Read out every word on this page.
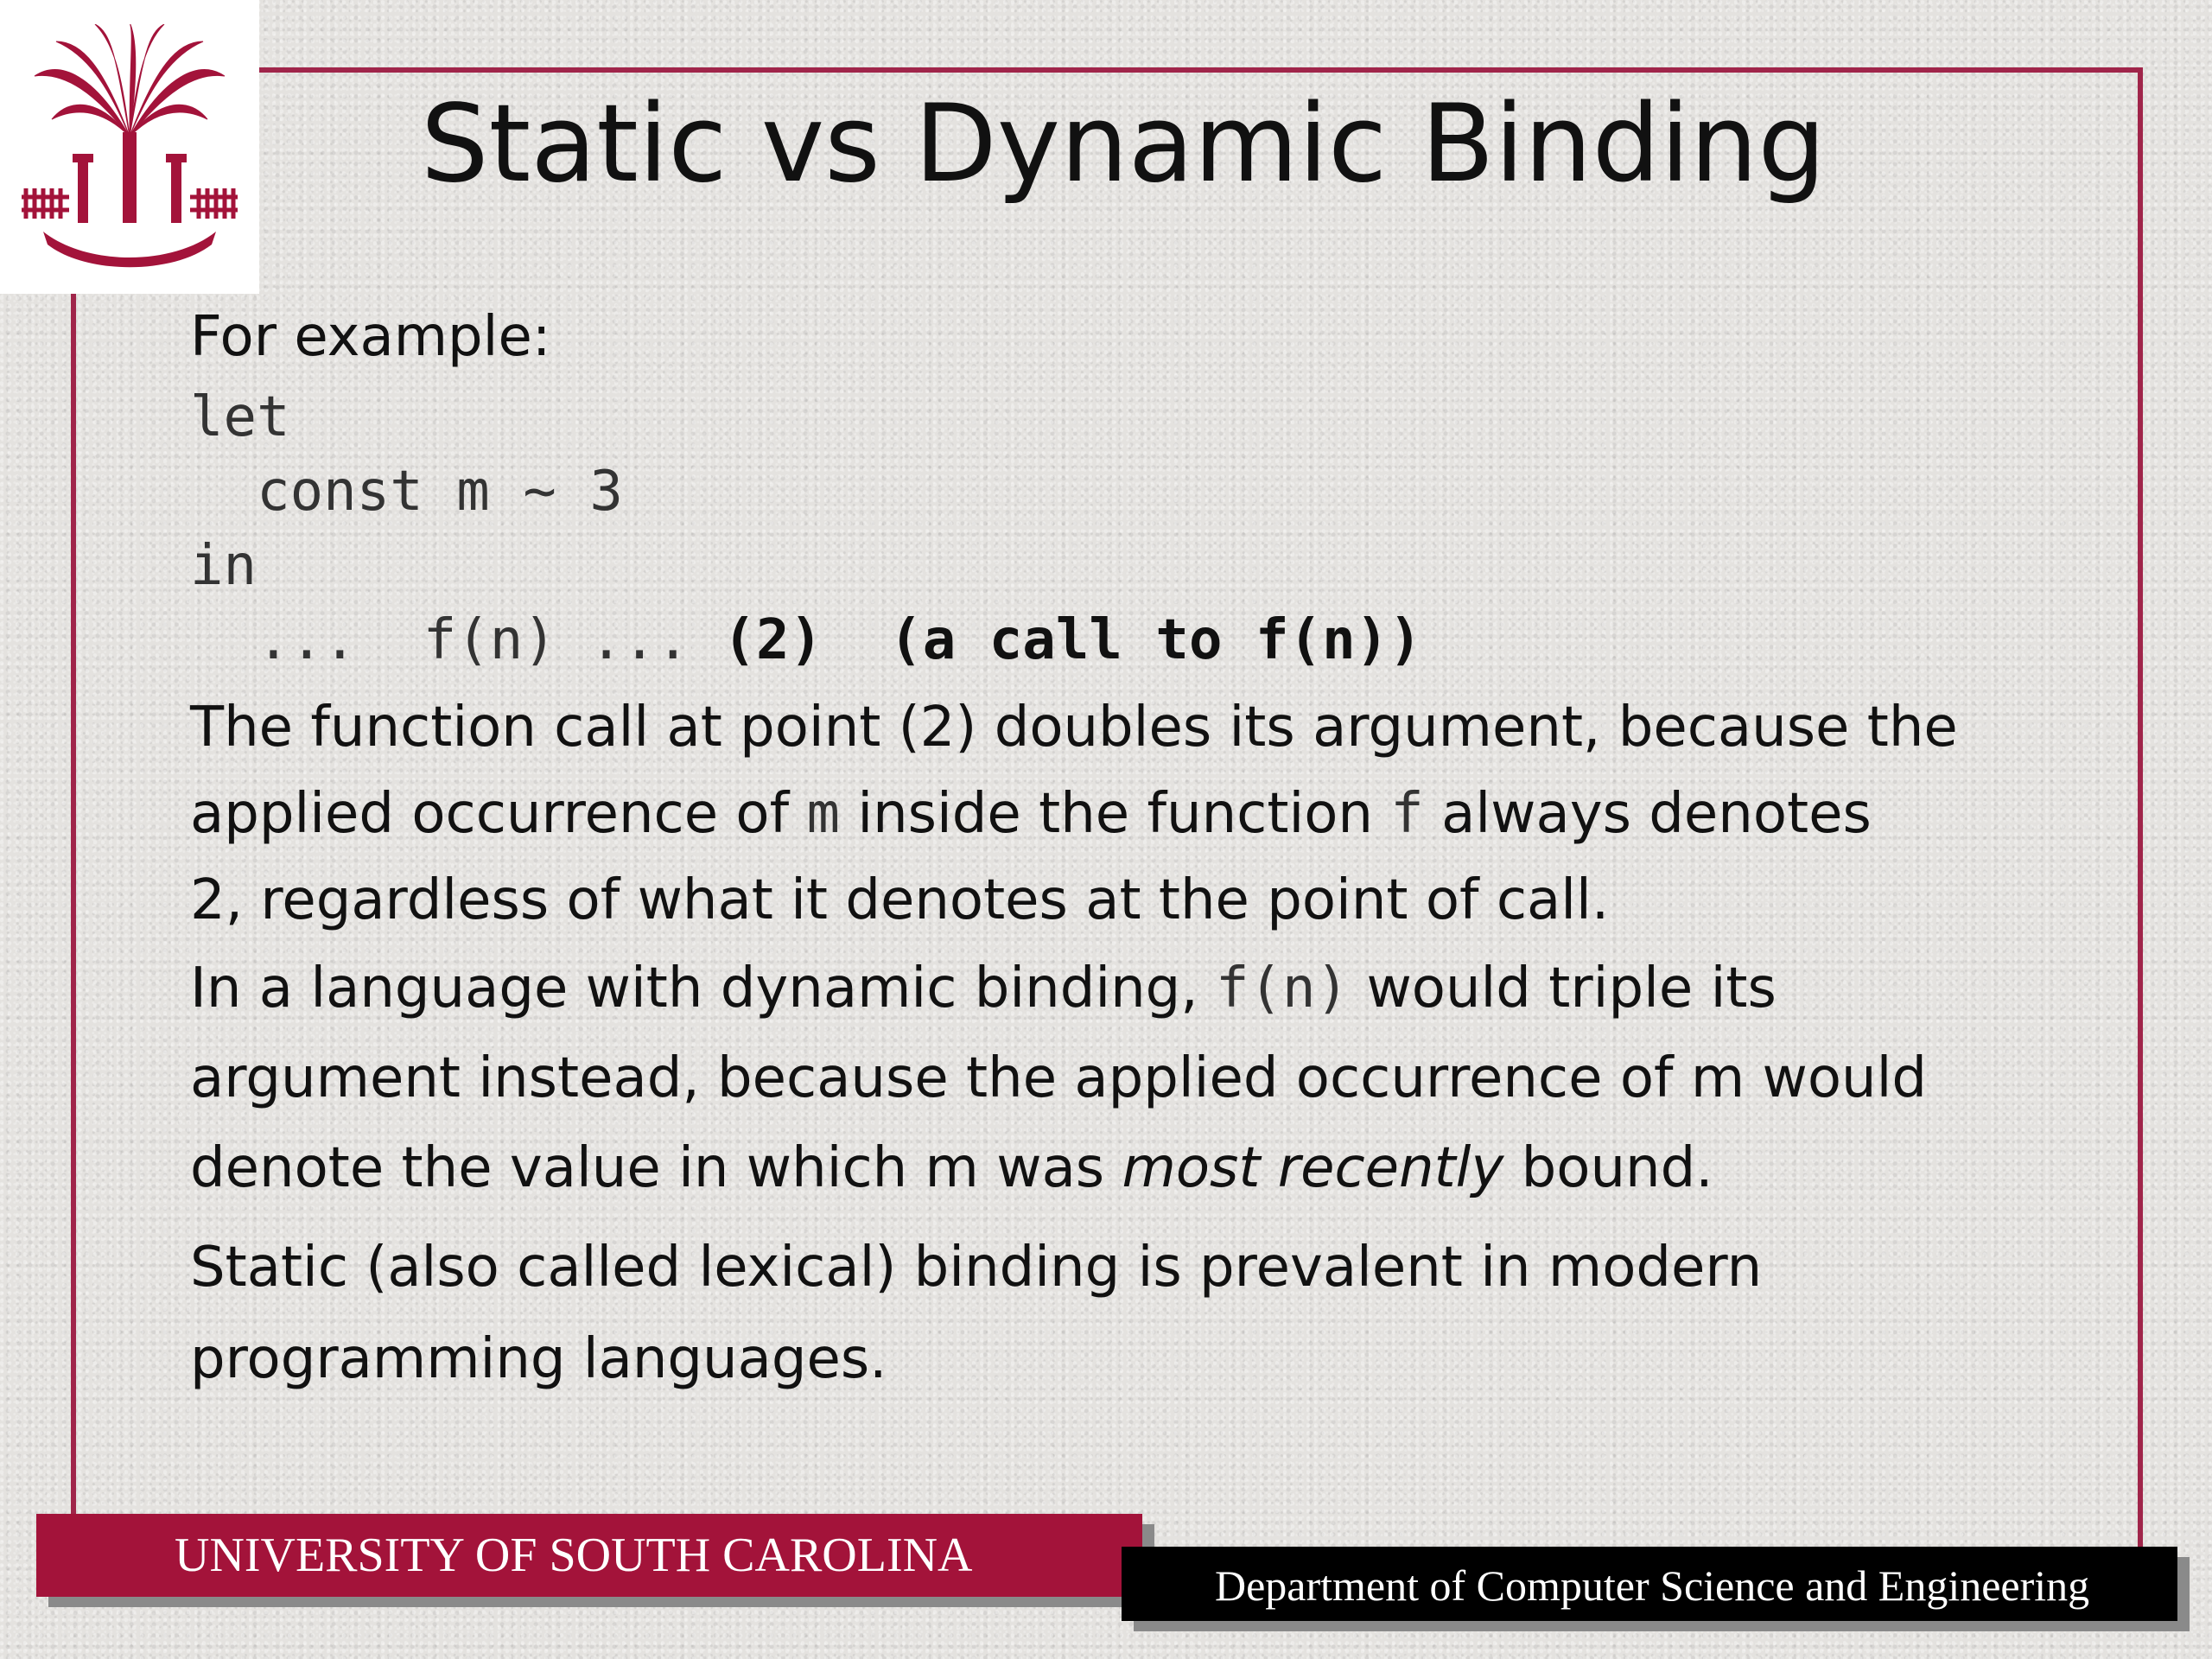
Static vs Dynamic Binding

For example:

let
const m ~ 3
in
...  f(n) ... (2)  (a call to f(n))
The function call at point (2) doubles its argument, because the
applied occurrence of m inside the function f always denotes
2, regardless of what it denotes at the point of call.
In a language with dynamic binding, f(n) would triple its
argument instead, because the applied occurrence of m would
denote the value in which m was most recently bound.
Static (also called lexical) binding is prevalent in modern
programming languages.
UNIVERSITY OF SOUTH CAROLINA
Department of Computer Science and Engineering
